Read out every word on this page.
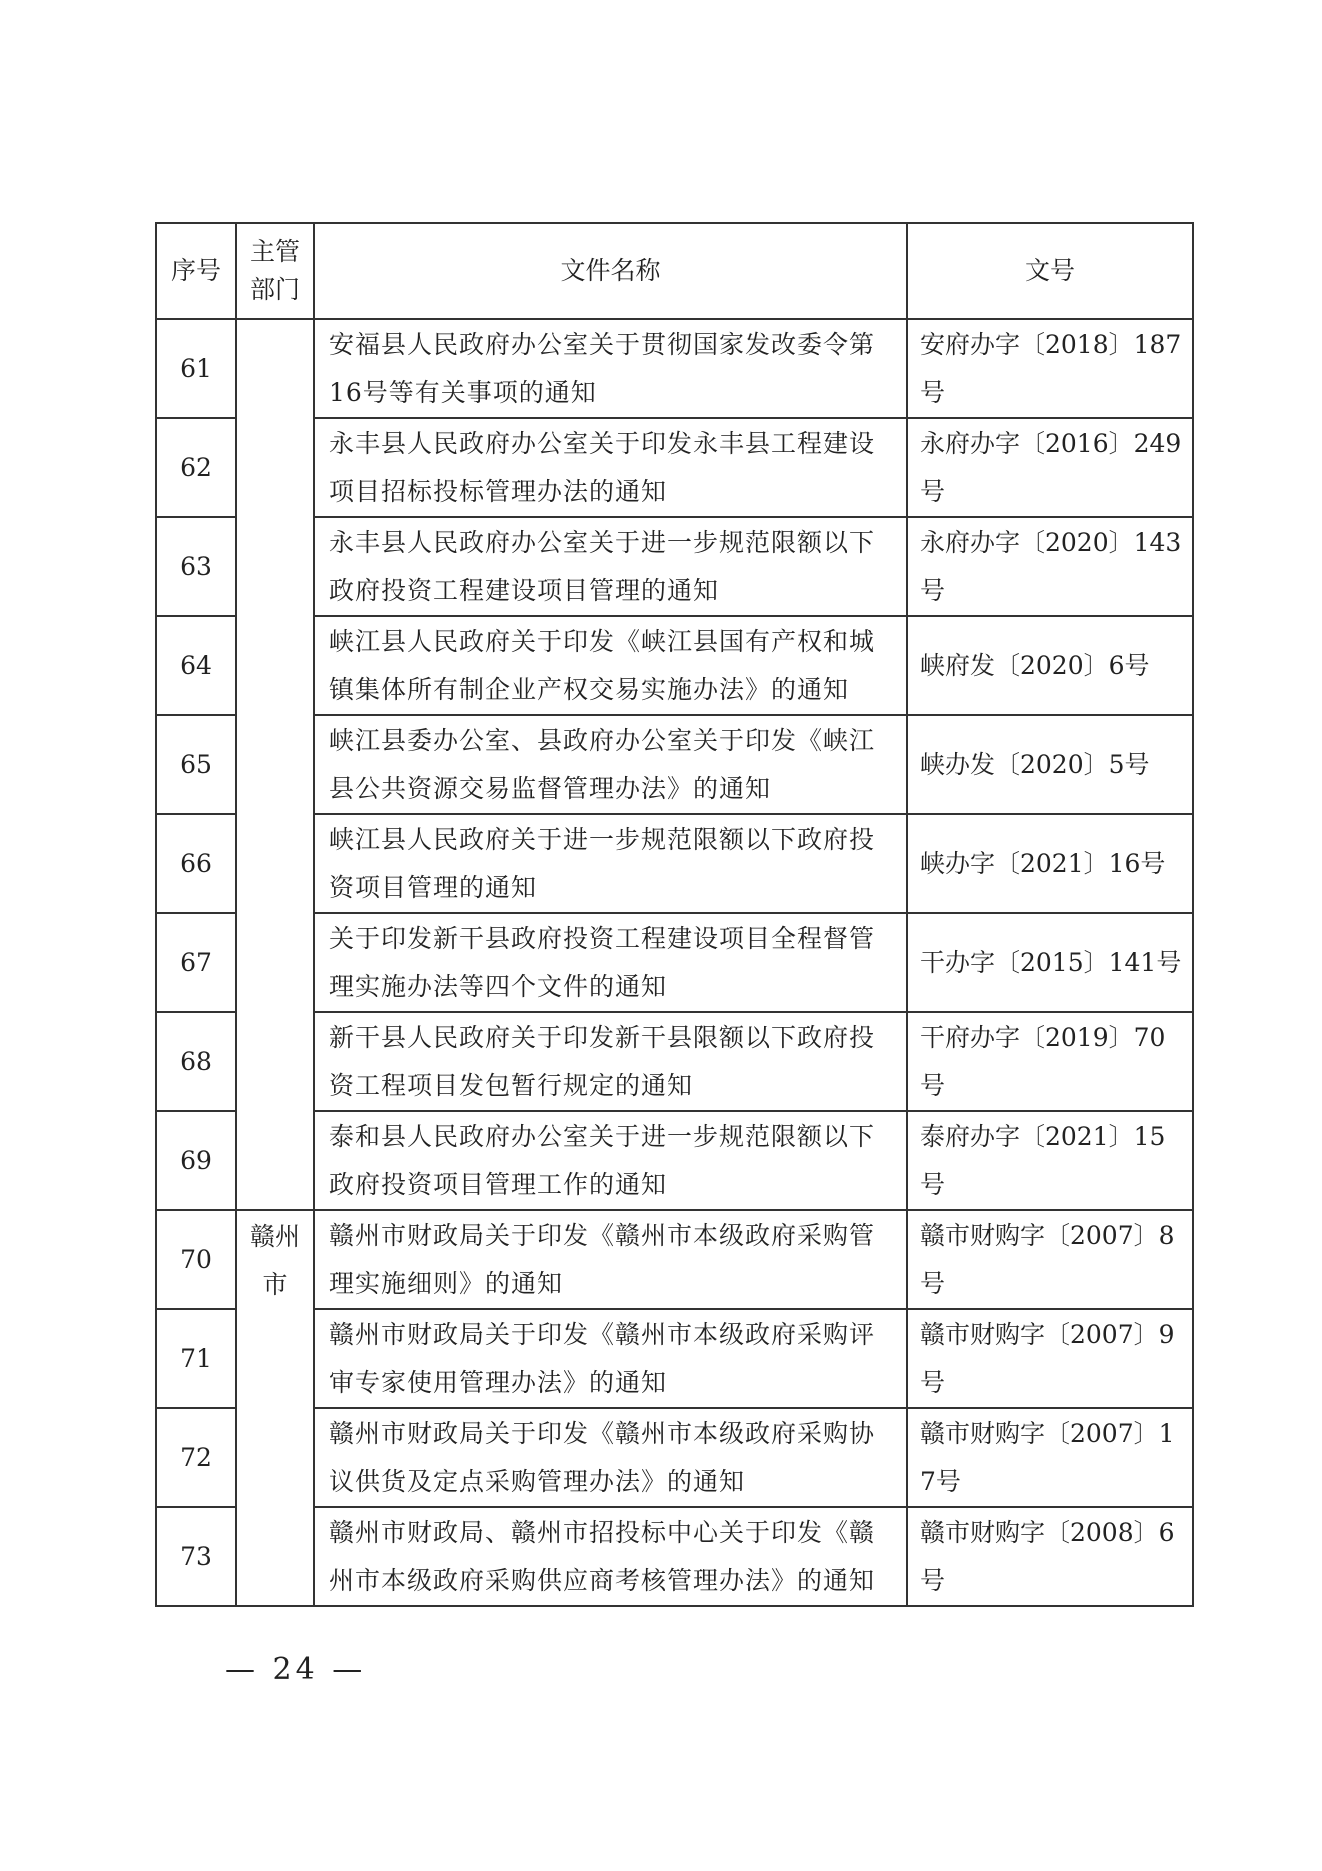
序号	主管部门	文件名称	文号
61		安福县人民政府办公室关于贯彻国家发改委令第16号等有关事项的通知	安府办字〔2018〕187号
62		永丰县人民政府办公室关于印发永丰县工程建设项目招标投标管理办法的通知	永府办字〔2016〕249号
63		永丰县人民政府办公室关于进一步规范限额以下政府投资工程建设项目管理的通知	永府办字〔2020〕143号
64		峡江县人民政府关于印发《峡江县国有产权和城镇集体所有制企业产权交易实施办法》的通知	峡府发〔2020〕6号
65		峡江县委办公室、县政府办公室关于印发《峡江县公共资源交易监督管理办法》的通知	峡办发〔2020〕5号
66		峡江县人民政府关于进一步规范限额以下政府投资项目管理的通知	峡办字〔2021〕16号
67		关于印发新干县政府投资工程建设项目全程督管理实施办法等四个文件的通知	干办字〔2015〕141号
68		新干县人民政府关于印发新干县限额以下政府投资工程项目发包暂行规定的通知	干府办字〔2019〕70号
69		泰和县人民政府办公室关于进一步规范限额以下政府投资项目管理工作的通知	泰府办字〔2021〕15号
70	赣州市	赣州市财政局关于印发《赣州市本级政府采购管理实施细则》的通知	赣市财购字〔2007〕8号
71		赣州市财政局关于印发《赣州市本级政府采购评审专家使用管理办法》的通知	赣市财购字〔2007〕9号
72		赣州市财政局关于印发《赣州市本级政府采购协议供货及定点采购管理办法》的通知	赣市财购字〔2007〕17号
73		赣州市财政局、赣州市招投标中心关于印发《赣州市本级政府采购供应商考核管理办法》的通知	赣市财购字〔2008〕6号
— 24 —
